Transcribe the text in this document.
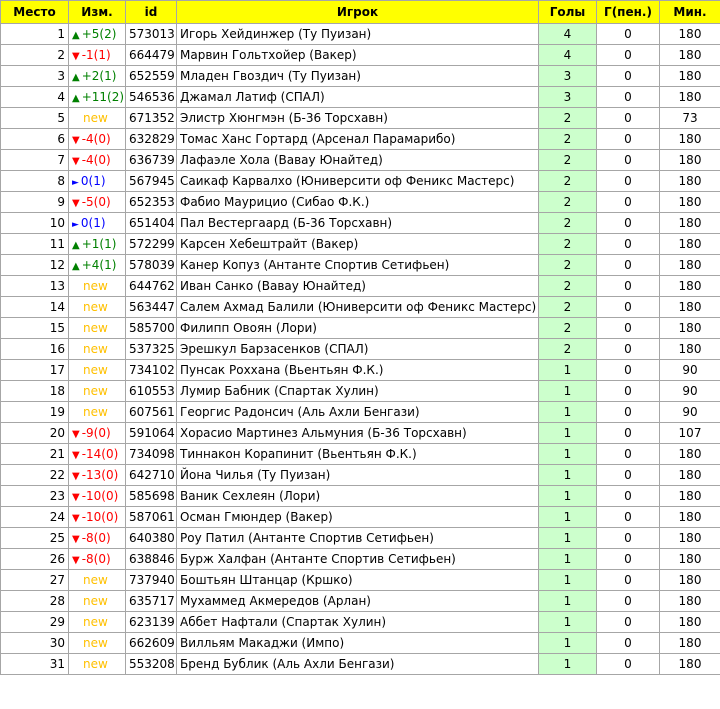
Место	Изм.	id	Игрок	Голы	Г(пен.)	Мин.
1	▲ +5(2)	573013	Игорь Хейдинжер (Ту Пуизан)	4	0	180
2	▼ -1(1)	664479	Марвин Гольтхойер (Вакер)	4	0	180
3	▲ +2(1)	652559	Младен Гвоздич (Ту Пуизан)	3	0	180
4	▲ +11(2)	546536	Джамал Латиф (СПАЛ)	3	0	180
5	new	671352	Элистр Хюнгмэн (Б-36 Торсхавн)	2	0	73
6	▼ -4(0)	632829	Томас Ханс Гортард (Арсенал Парамарибо)	2	0	180
7	▼ -4(0)	636739	Лафаэле Хола (Вавау Юнайтед)	2	0	180
8	► 0(1)	567945	Саикаф Карвалхо (Юниверсити оф Феникс Мастерс)	2	0	180
9	▼ -5(0)	652353	Фабио Маурицио (Сибао Ф.К.)	2	0	180
10	► 0(1)	651404	Пал Вестергаард (Б-36 Торсхавн)	2	0	180
11	▲ +1(1)	572299	Карсен Хебештрайт (Вакер)	2	0	180
12	▲ +4(1)	578039	Канер Копуз (Антанте Спортив Сетифьен)	2	0	180
13	new	644762	Иван Санко (Вавау Юнайтед)	2	0	180
14	new	563447	Салем Ахмад Балили (Юниверсити оф Феникс Мастерс)	2	0	180
15	new	585700	Филипп Овоян (Лори)	2	0	180
16	new	537325	Эрешкул Барзасенков (СПАЛ)	2	0	180
17	new	734102	Пунсак Роххана (Вьентьян Ф.К.)	1	0	90
18	new	610553	Лумир Бабник (Спартак Хулин)	1	0	90
19	new	607561	Георгис Радонсич (Аль Ахли Бенгази)	1	0	90
20	▼ -9(0)	591064	Хорасио Мартинез Альмуния (Б-36 Торсхавн)	1	0	107
21	▼ -14(0)	734098	Тиннакон Корапинит (Вьентьян Ф.К.)	1	0	180
22	▼ -13(0)	642710	Йона Чилья (Ту Пуизан)	1	0	180
23	▼ -10(0)	585698	Ваник Сехлеян (Лори)	1	0	180
24	▼ -10(0)	587061	Осман Гмюндер (Вакер)	1	0	180
25	▼ -8(0)	640380	Роу Патил (Антанте Спортив Сетифьен)	1	0	180
26	▼ -8(0)	638846	Бурж Халфан (Антанте Спортив Сетифьен)	1	0	180
27	new	737940	Боштьян Штанцар (Кршко)	1	0	180
28	new	635717	Мухаммед Акмередов (Арлан)	1	0	180
29	new	623139	Аббет Нафтали (Спартак Хулин)	1	0	180
30	new	662609	Вилльям Макаджи (Импо)	1	0	180
31	new	553208	Бренд Бублик (Аль Ахли Бенгази)	1	0	180
